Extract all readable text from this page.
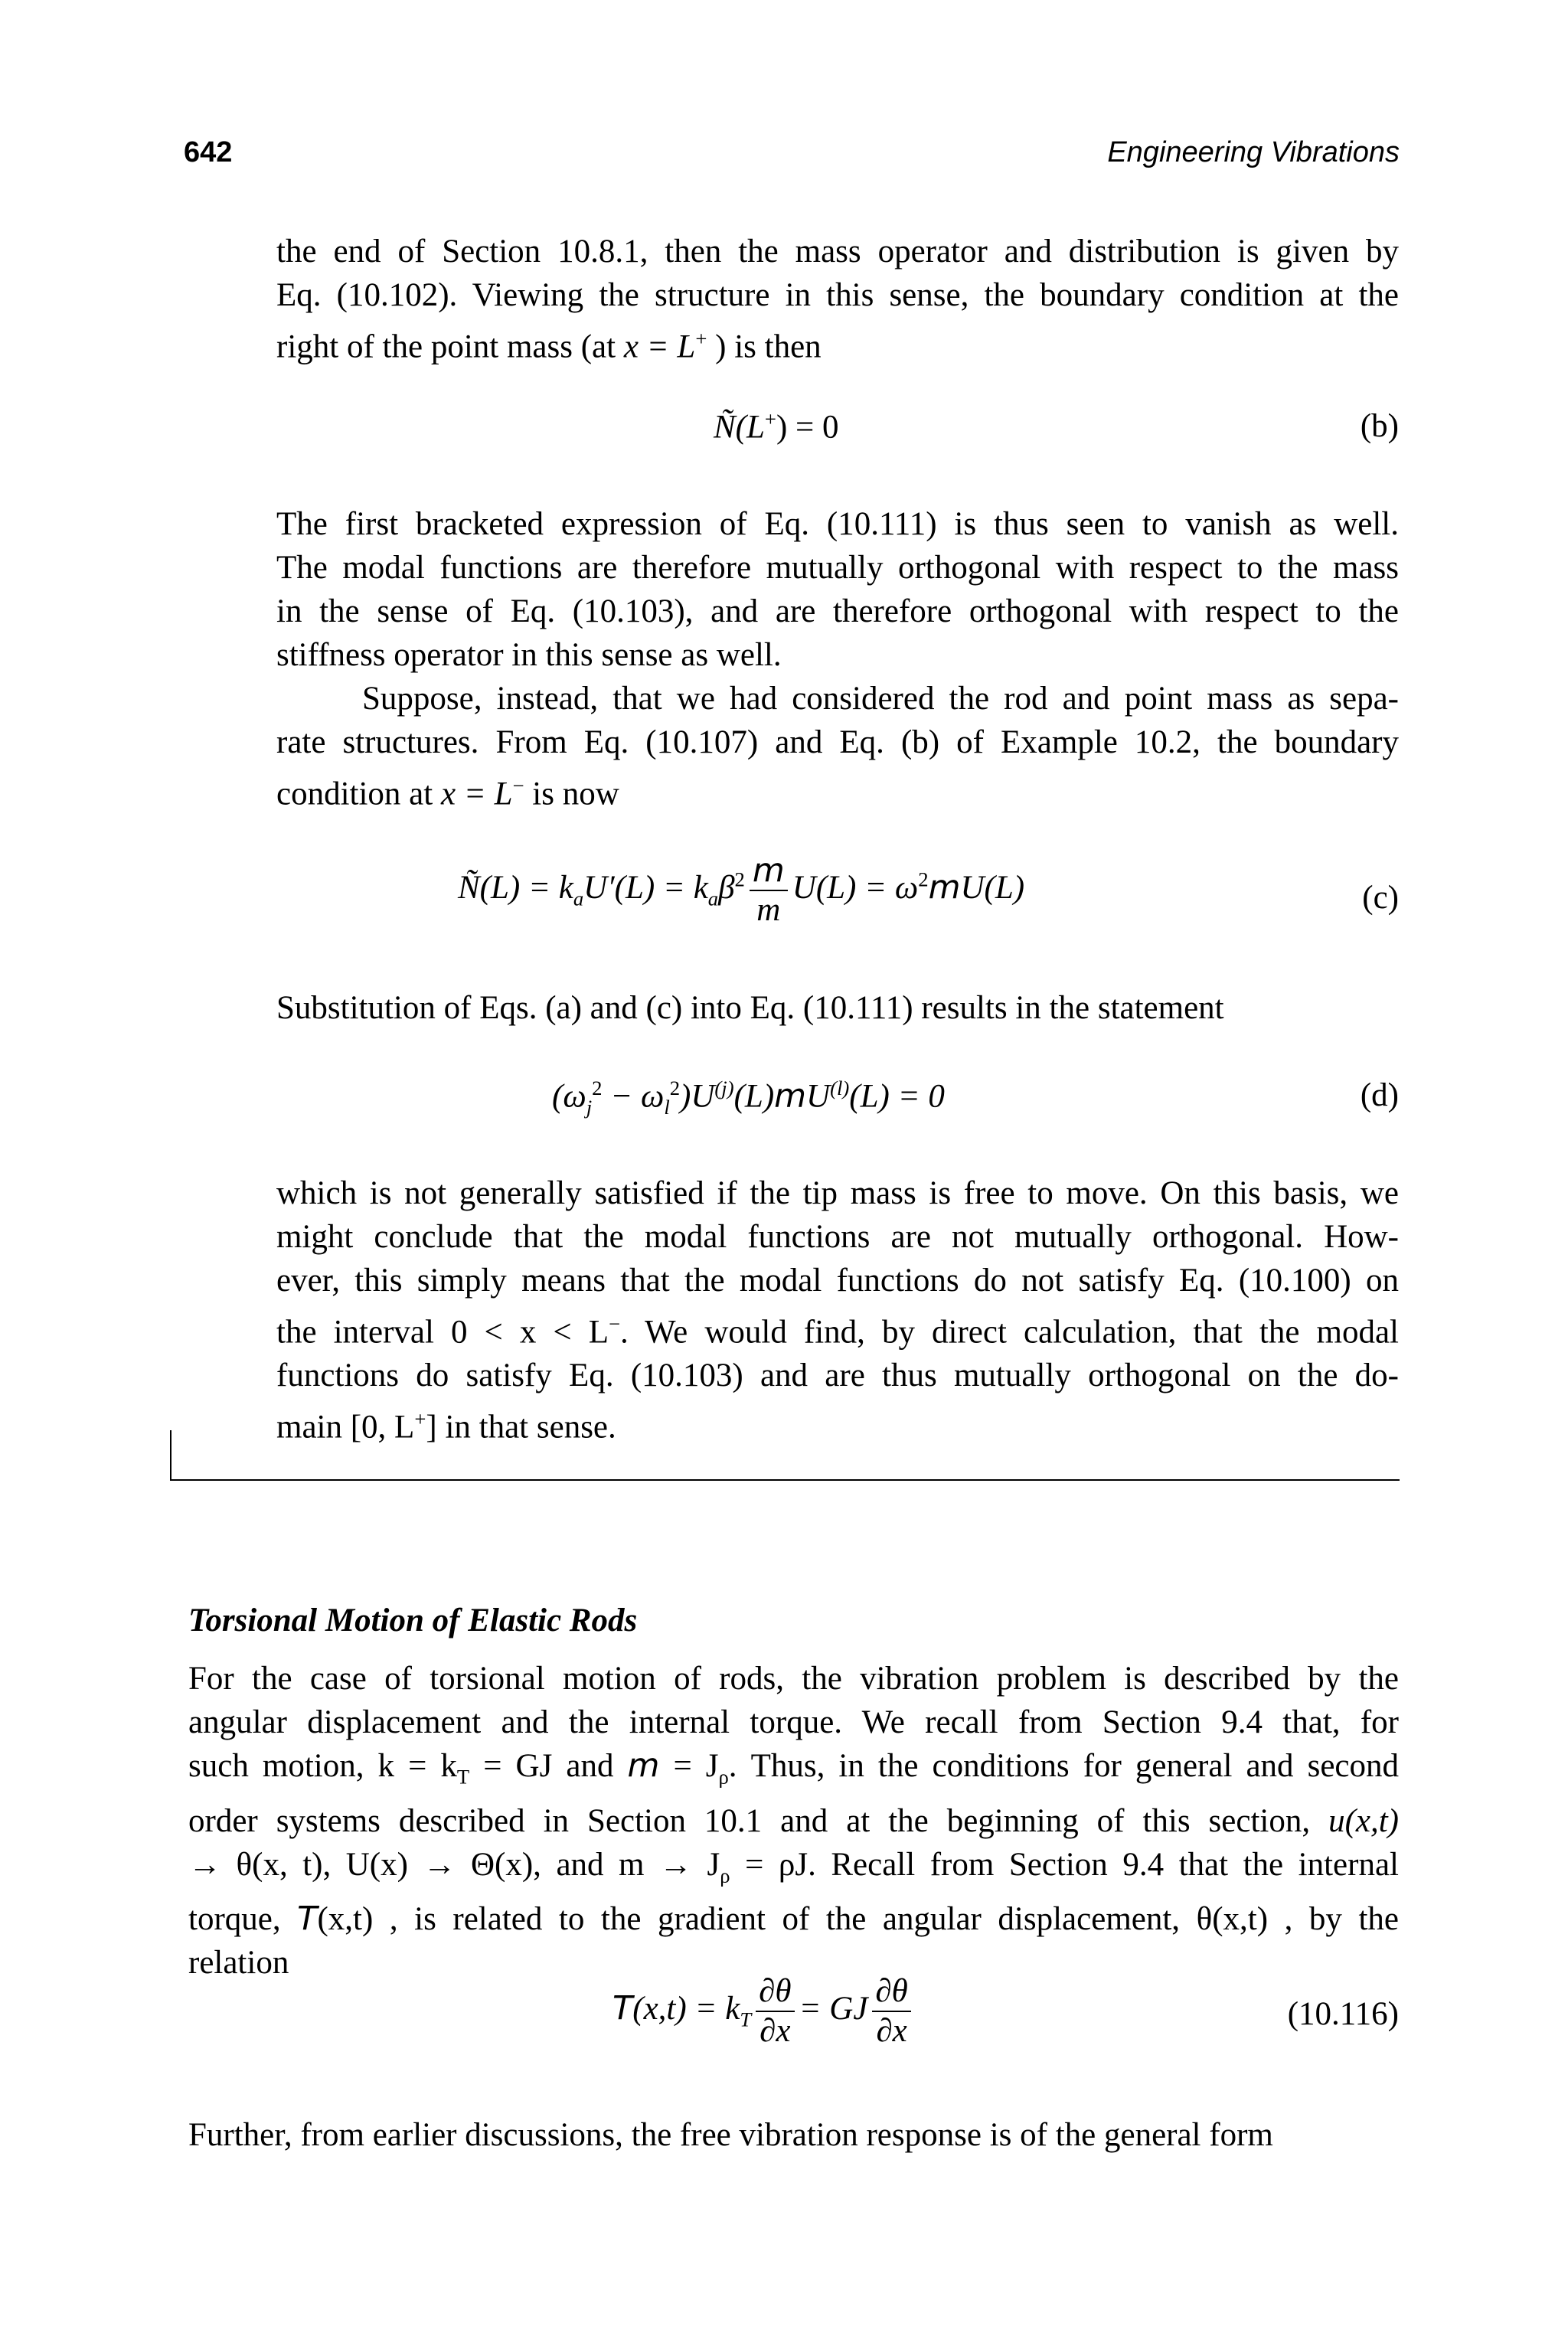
642	Engineering Vibrations
the end of Section 10.8.1, then the mass operator and distribution is given by
Eq. (10.102). Viewing the structure in this sense, the boundary condition at the
right of the point mass (at x = L+ ) is then
Ñ(L+) = 0	(b)
The first bracketed expression of Eq. (10.111) is thus seen to vanish as well.
The modal functions are therefore mutually orthogonal with respect to the mass
in the sense of Eq. (10.103), and are therefore orthogonal with respect to the
stiffness operator in this sense as well.
Suppose, instead, that we had considered the rod and point mass as sepa-
rate structures. From Eq. (10.107) and Eq. (b) of Example 10.2, the boundary
condition at x = L− is now
Ñ(L) = $k_aU'(L) = k_a\beta^2 \frac{m}{m} U(L) = \omega^2mU(L)$	(c)
Substitution of Eqs. (a) and (c) into Eq. (10.111) results in the statement
$(\omega_j^2 - \omega_l^2)U^{(j)}(L)mU^{(l)}(L) = 0$	(d)
which is not generally satisfied if the tip mass is free to move. On this basis, we
might conclude that the modal functions are not mutually orthogonal. How-
ever, this simply means that the modal functions do not satisfy Eq. (10.100) on
the interval 0 < x < L−. We would find, by direct calculation, that the modal
functions do satisfy Eq. (10.103) and are thus mutually orthogonal on the do-
main [0, L+] in that sense.
Torsional Motion of Elastic Rods
For the case of torsional motion of rods, the vibration problem is described by the
angular displacement and the internal torque. We recall from Section 9.4 that, for
such motion, $k = k_T$ = GJ and $m = J_\rho$. Thus, in the conditions for general and second
order systems described in Section 10.1 and at the beginning of this section, u(x,t)
→ θ(x, t), U(x) → Θ(x), and $m \to J_\rho = \rho J$. Recall from Section 9.4 that the internal
torque, T(x,t) , is related to the gradient of the angular displacement, θ(x,t) , by the
relation
$T(x,t) = k_T \frac{\partial\theta}{\partial x}$ = GJ $\frac{\partial\theta}{\partial x}$	(10.116)
Further, from earlier discussions, the free vibration response is of the general form
